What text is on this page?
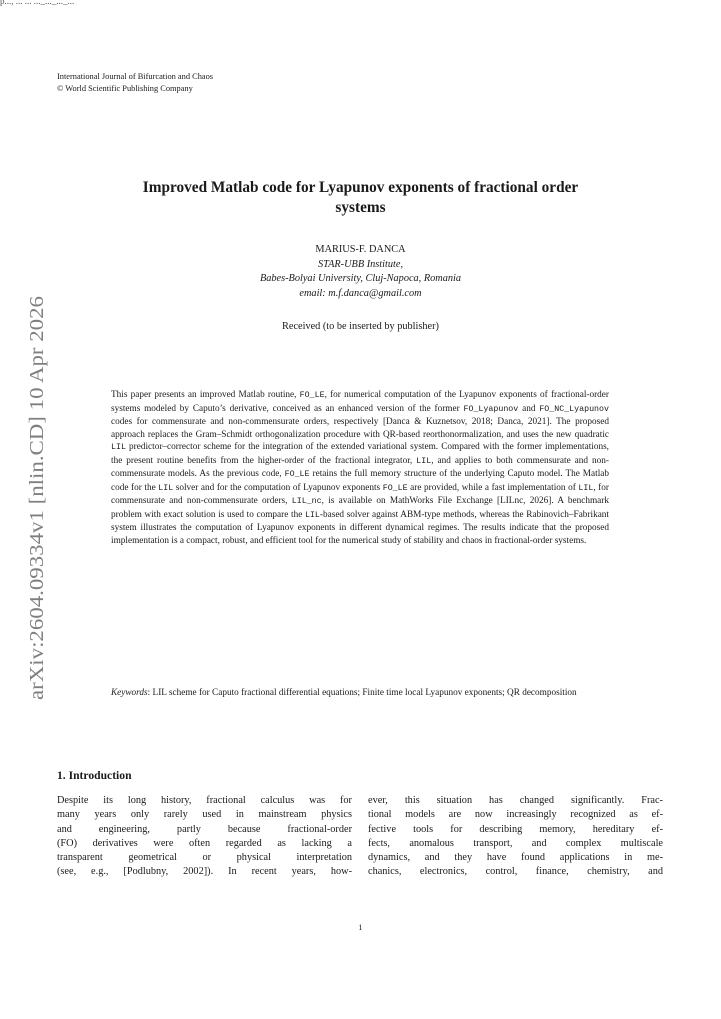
p..., ... ... ..._..._..._...
International Journal of Bifurcation and Chaos
© World Scientific Publishing Company
Improved Matlab code for Lyapunov exponents of fractional order
systems
MARIUS-F. DANCA
STAR-UBB Institute,
Babes-Bolyai University, Cluj-Napoca, Romania
email: m.f.danca@gmail.com
Received (to be inserted by publisher)
arXiv:2604.09334v1 [nlin.CD] 10 Apr 2026	This paper presents an improved Matlab routine, FO_LE, for numerical computation of the Lyapunov exponents of fractional-order systems modeled by Caputo’s derivative, conceived as an enhanced version of the former FO_Lyapunov and FO_NC_Lyapunov codes for commensurate and non-commensurate orders, respectively [Danca & Kuznetsov, 2018; Danca, 2021]. The proposed approach replaces the Gram–Schmidt orthogonalization procedure with QR-based reorthonormalization, and uses the new quadratic LIL predictor–corrector scheme for the integration of the extended variational system. Compared with the former implementations, the present routine benefits from the higher-order of the fractional integrator, LIL, and applies to both commensurate and non-commensurate models. As the previous code, FO_LE retains the full memory structure of the underlying Caputo model. The Matlab code for the LIL solver and for the computation of Lyapunov exponents FO_LE are provided, while a fast implementation of LIL, for commensurate and non-commensurate orders, LIL_nc, is available on MathWorks File Exchange [LILnc, 2026]. A benchmark problem with exact solution is used to compare the LIL-based solver against ABM-type methods, whereas the Rabinovich–Fabrikant system illustrates the computation of Lyapunov exponents in different dynamical regimes. The results indicate that the proposed implementation is a compact, robust, and efficient tool for the numerical study of stability and chaos in fractional-order systems.

Keywords: LIL scheme for Caputo fractional differential equations; Finite time local Lyapunov exponents; QR decomposition
1. Introduction
Despite its long history, fractional calculus was for
many years only rarely used in mainstream physics
and engineering, partly because fractional-order
(FO) derivatives were often regarded as lacking a
transparent geometrical or physical interpretation
(see, e.g., [Podlubny, 2002]). In recent years, how-
ever, this situation has changed significantly. Frac-
tional models are now increasingly recognized as ef-
fective tools for describing memory, hereditary ef-
fects, anomalous transport, and complex multiscale
dynamics, and they have found applications in me-
chanics, electronics, control, finance, chemistry, and
1
